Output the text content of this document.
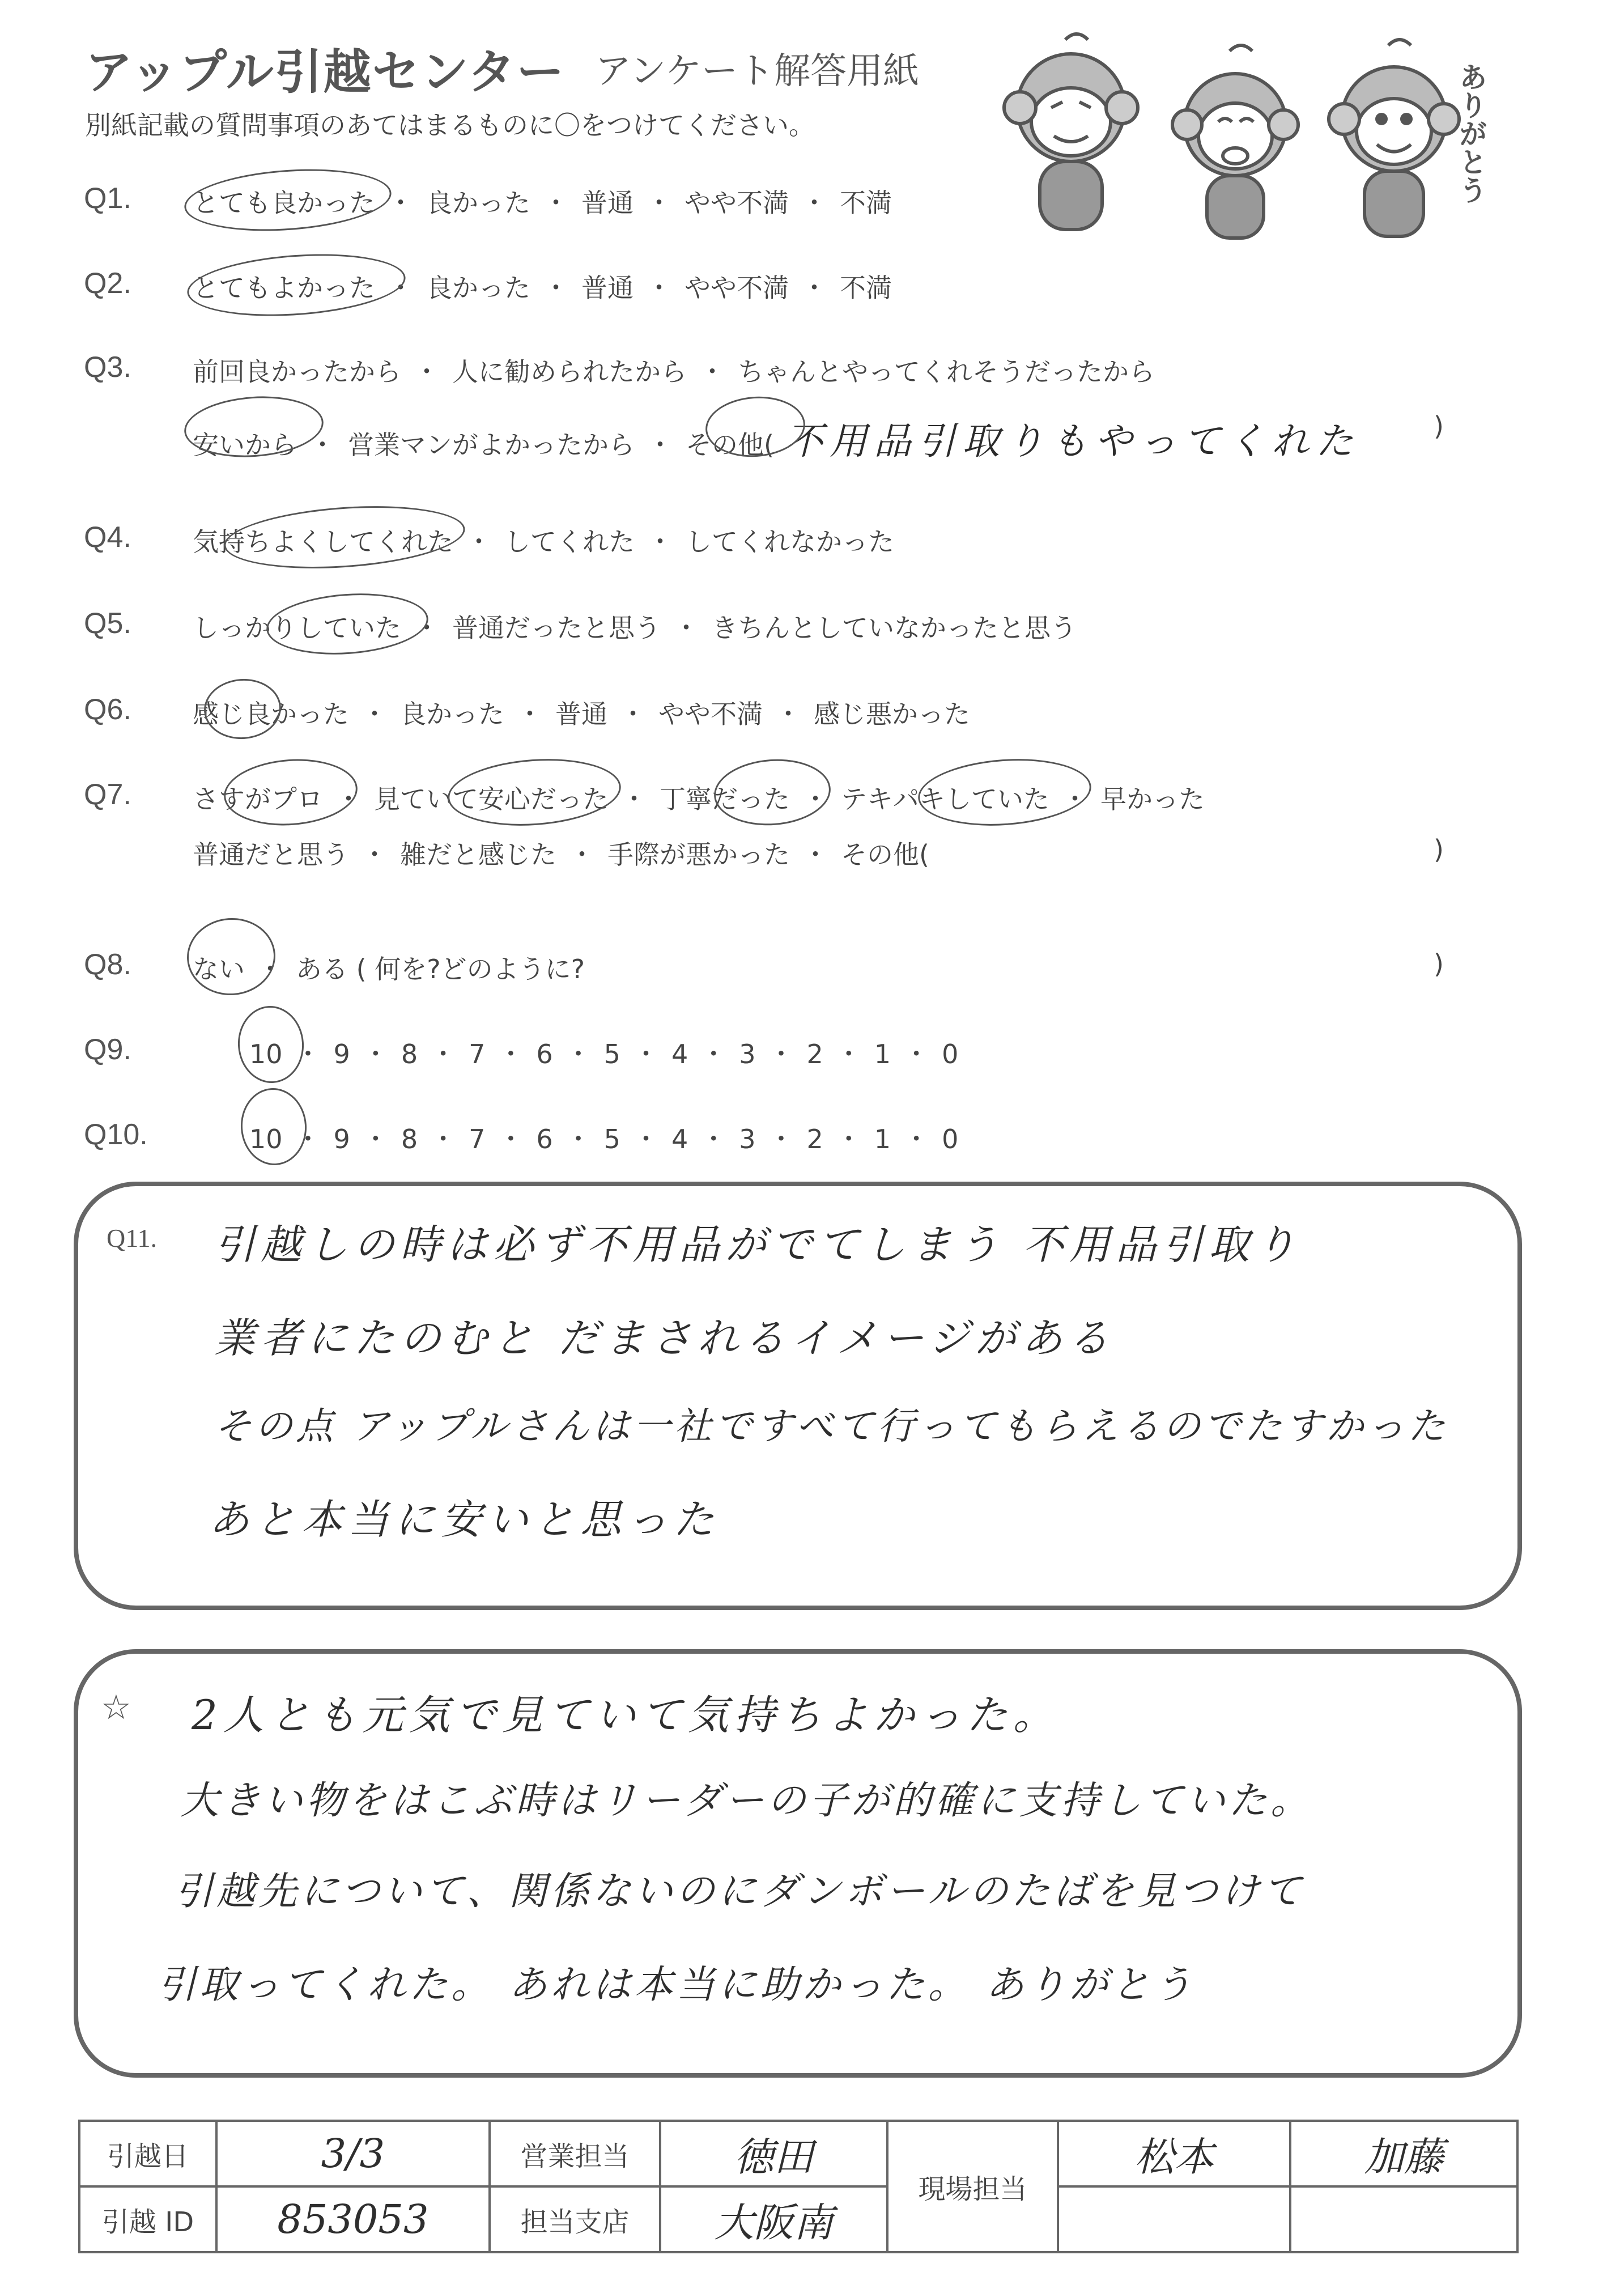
アップル引越センター アンケート解答用紙
別紙記載の質問事項のあてはまるものに〇をつけてください。	ありがとう
Q1. とても良かった ・ 良かった ・ 普通 ・ やや不満 ・ 不満
Q2. とてもよかった ・ 良かった ・ 普通 ・ やや不満 ・ 不満
Q3. 前回良かったから ・ 人に勧められたから ・ ちゃんとやってくれそうだったから
安いから ・ 営業マンがよかったから ・ その他( 不用品引取りもやってくれた	)
Q4. 気持ちよくしてくれた ・ してくれた ・ してくれなかった
Q5. しっかりしていた ・ 普通だったと思う ・ きちんとしていなかったと思う
Q6. 感じ良かった ・ 良かった ・ 普通 ・ やや不満 ・ 感じ悪かった
Q7. さすがプロ ・ 見ていて安心だった ・ 丁寧だった ・ テキパキしていた ・ 早かった
普通だと思う ・ 雑だと感じた ・ 手際が悪かった ・ その他(	)
Q8. ない ・ ある ( 何を?どのように?	)
Q9.	10 ・ 9 ・ 8 ・ 7 ・ 6 ・ 5 ・ 4 ・ 3 ・ 2 ・ 1 ・ 0
Q10.	10 ・ 9 ・ 8 ・ 7 ・ 6 ・ 5 ・ 4 ・ 3 ・ 2 ・ 1 ・ 0
Q11. 引越しの時は必ず不用品がでてしまう 不用品引取り
業者にたのむと だまされるイメージがある
その点 アップルさんは一社ですべて行ってもらえるのでたすかった
あと本当に安いと思った
☆ 2人とも元気で見ていて気持ちよかった。
大きい物をはこぶ時はリーダーの子が的確に支持していた。
引越先について、関係ないのにダンボールのたばを見つけて
引取ってくれた。 あれは本当に助かった。 ありがとう
引越日	3/3	営業担当	徳田	現場担当	松本	加藤
引越 ID	853053	担当支店	大阪南			
